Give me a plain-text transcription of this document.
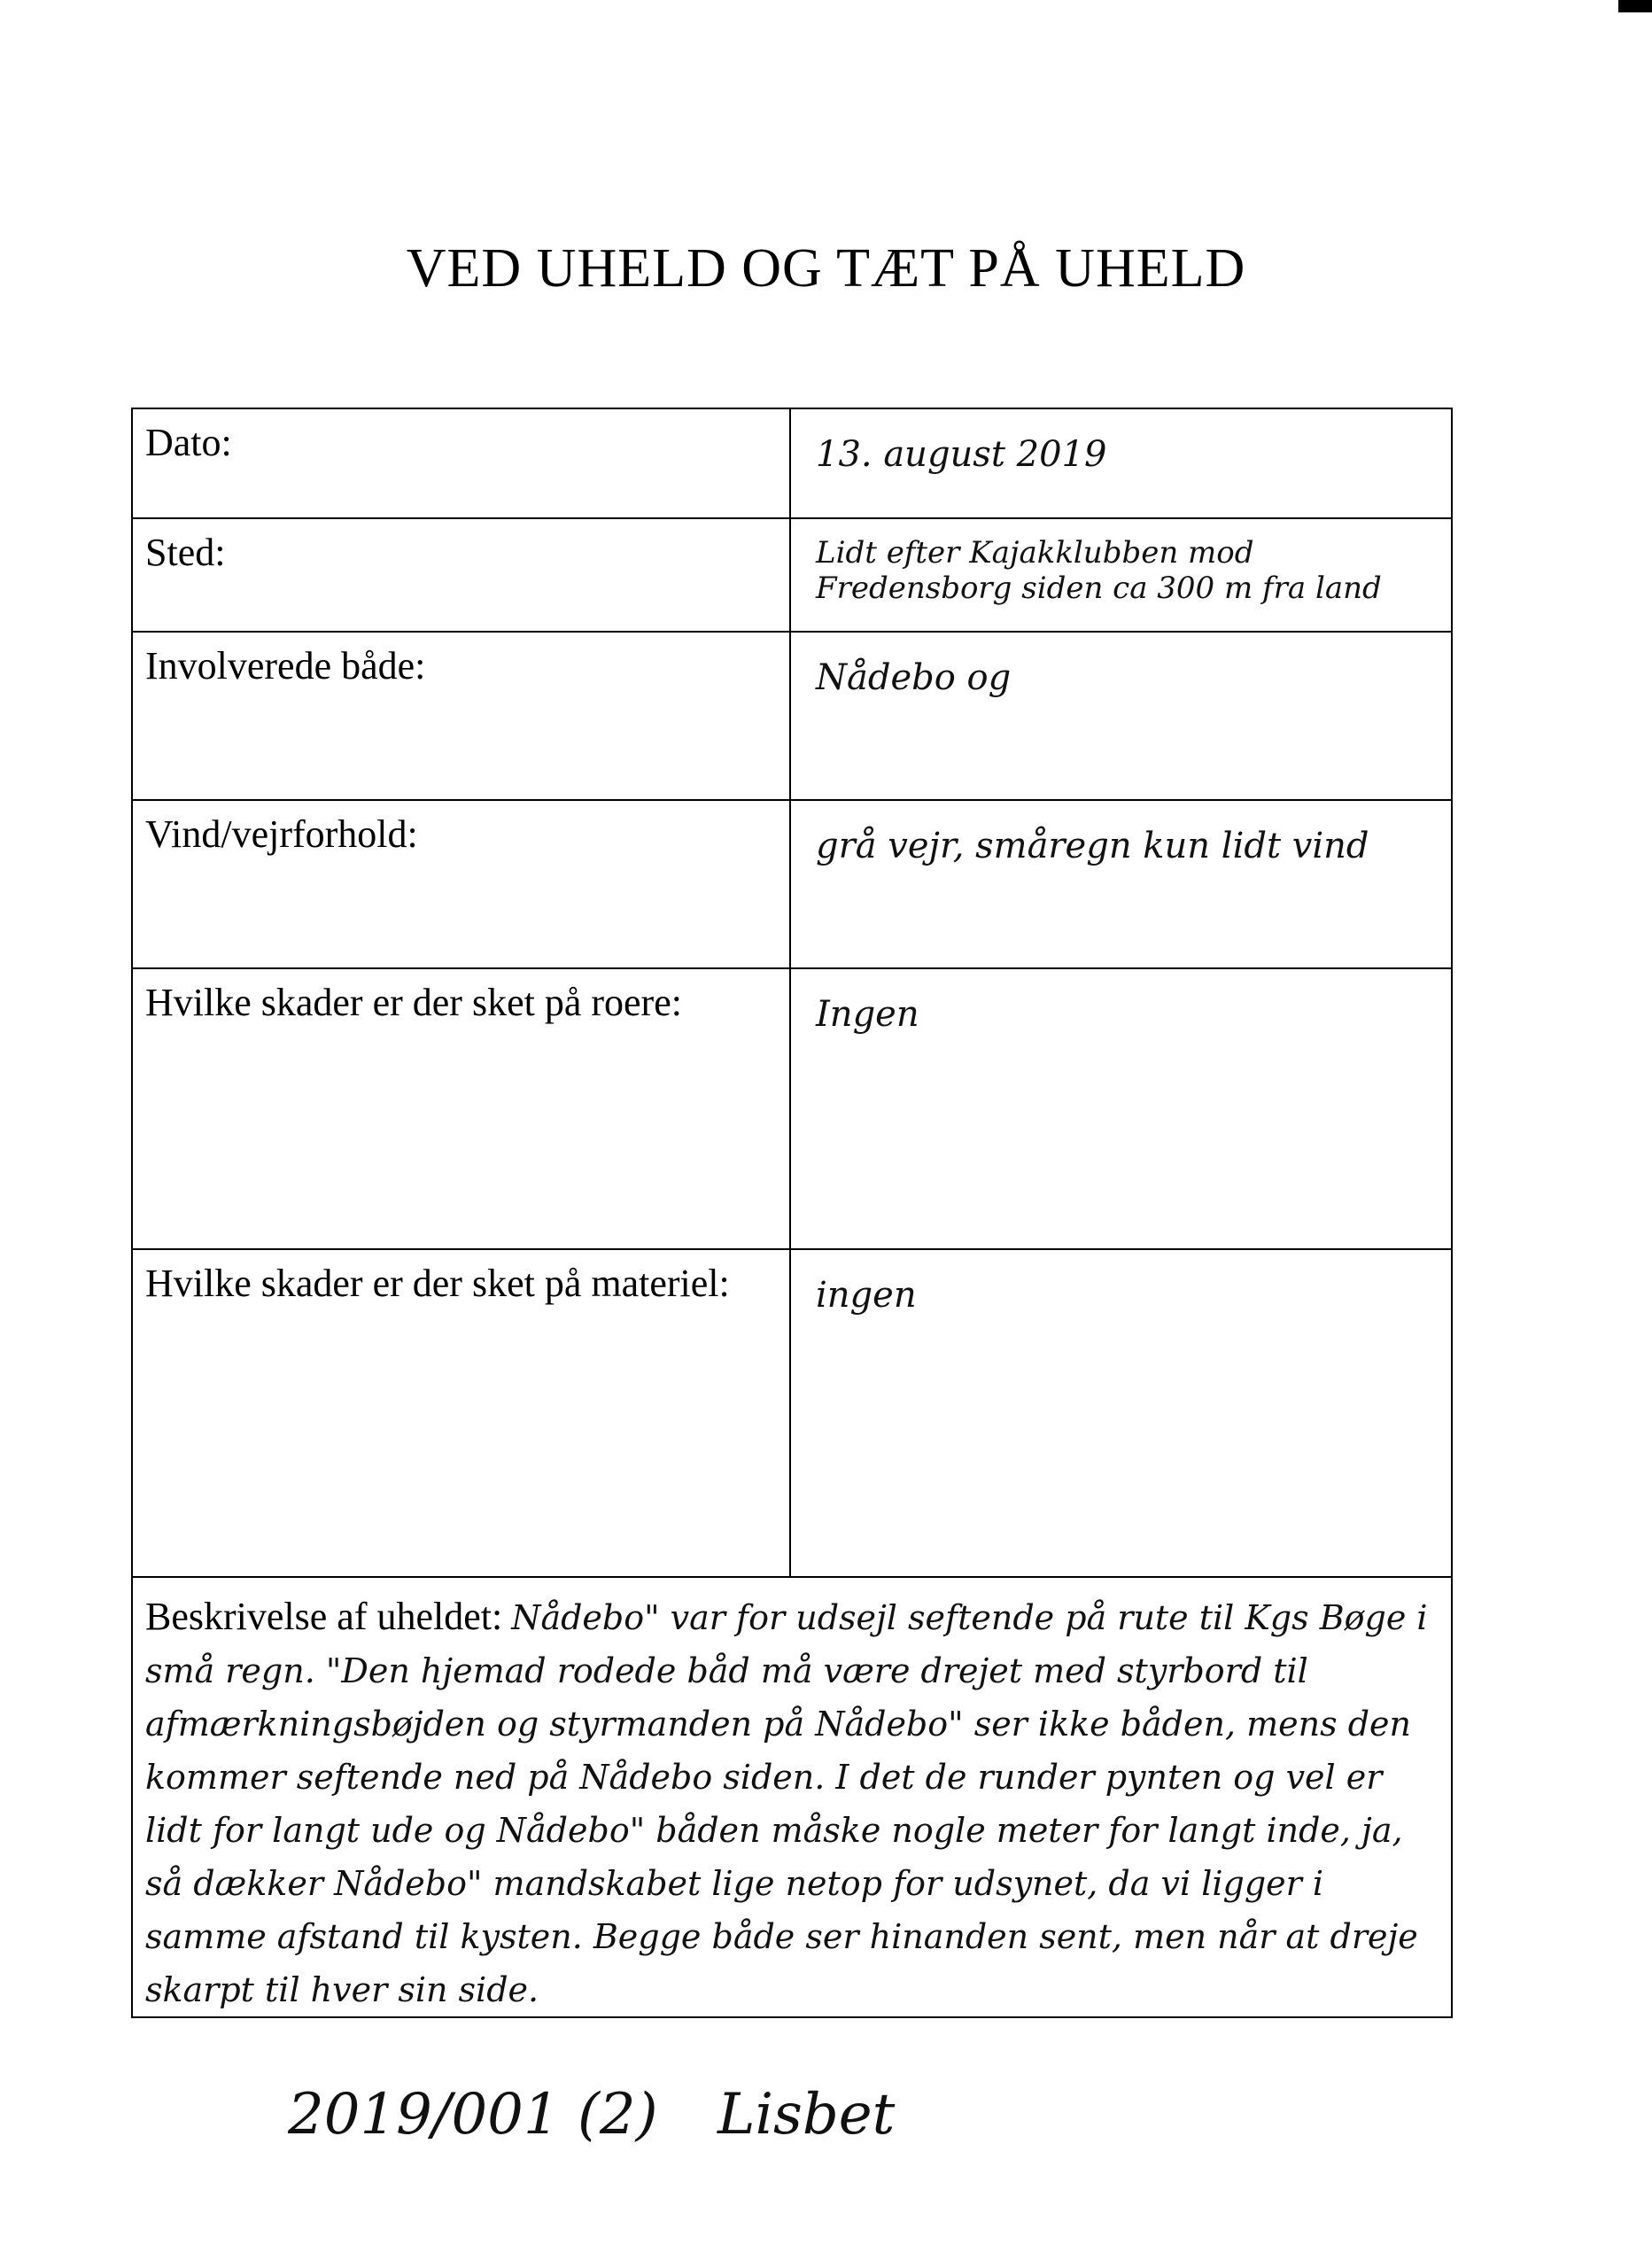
VED UHELD OG TÆT PÅ UHELD
Dato:	13. august 2019

Sted:	Lidt efter Kajakklubben mod Fredensborg siden ca 300 m fra land

Involverede både:	Nådebo og

Vind/vejrforhold:	grå vejr, småregn kun lidt vind

Hvilke skader er der sket på roere:	Ingen

Hvilke skader er der sket på materiel:	ingen

Beskrivelse af uheldet: Nådebo" var for udsejl seftende på rute til Kgs Bøge i små regn. "Den hjemad rodede båd må være drejet med styrbord til afmærkningsbøjden og styrmanden på Nådebo" ser ikke båden, mens den kommer seftende ned på Nådebo siden. I det de runder pynten og vel er lidt for langt ude og Nådebo" båden måske nogle meter for langt inde, ja, så dækker Nådebo" mandskabet lige netop for udsynet, da vi ligger i samme afstand til kysten. Begge både ser hinanden sent, men når at dreje skarpt til hver sin side.	
2019/001 (2) Lisbet
